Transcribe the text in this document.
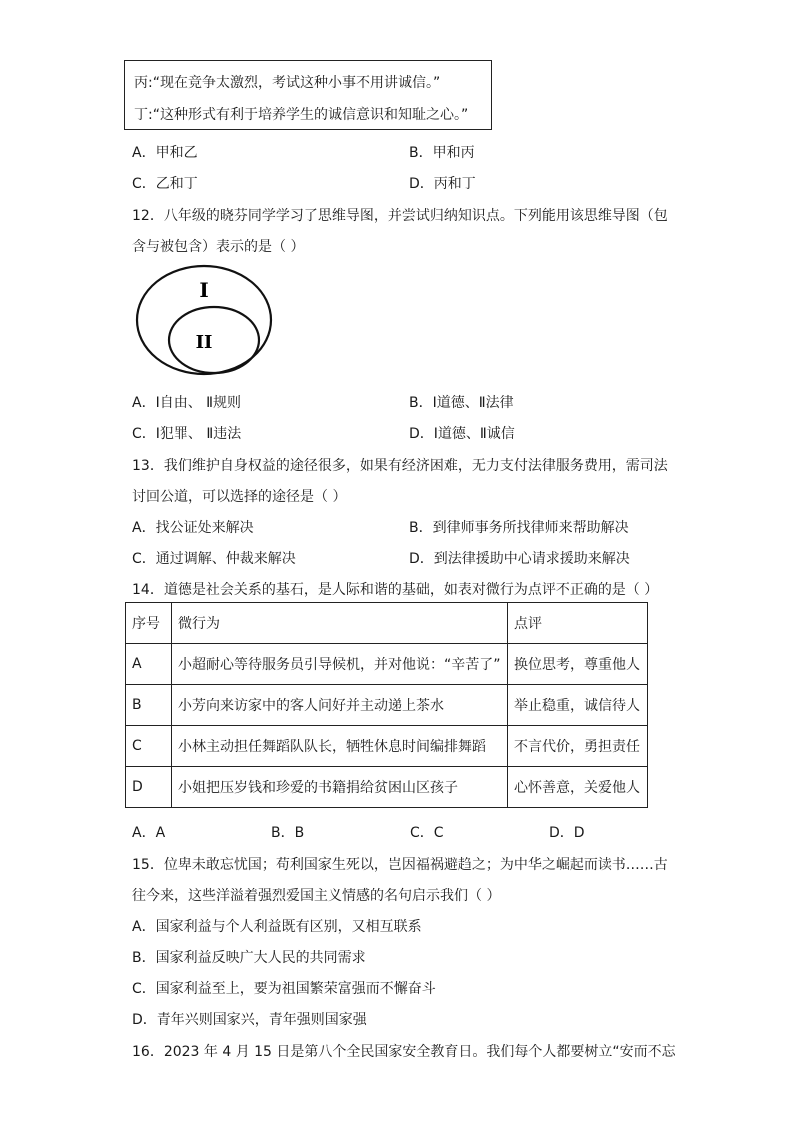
丙:“现在竞争太激烈，考试这种小事不用讲诚信。”
丁:“这种形式有利于培养学生的诚信意识和知耻之心。”
A．甲和乙	B．甲和丙
C．乙和丁	D．丙和丁
12．八年级的晓芬同学学习了思维导图，并尝试归纳知识点。下列能用该思维导图（包
含与被包含）表示的是（ ）
I
II
A．Ⅰ自由、 Ⅱ规则	B．Ⅰ道德、Ⅱ法律
C．Ⅰ犯罪、 Ⅱ违法	D．Ⅰ道德、Ⅱ诚信
13．我们维护自身权益的途径很多，如果有经济困难，无力支付法律服务费用，需司法
讨回公道，可以选择的途径是（ ）
A．找公证处来解决	B．到律师事务所找律师来帮助解决
C．通过调解、仲裁来解决	D．到法律援助中心请求援助来解决
14．道德是社会关系的基石，是人际和谐的基础，如表对微行为点评不正确的是（ ）
序号	微行为	点评
A	小超耐心等待服务员引导候机，并对他说：“辛苦了”	换位思考，尊重他人
B	小芳向来访家中的客人问好并主动递上茶水	举止稳重，诚信待人
C	小林主动担任舞蹈队队长，牺牲休息时间编排舞蹈	不言代价，勇担责任
D	小姐把压岁钱和珍爱的书籍捐给贫困山区孩子	心怀善意，关爱他人
A．A	B．B	C．C	D．D
15．位卑未敢忘忧国；苟利国家生死以，岂因福祸避趋之；为中华之崛起而读书……古
往今来，这些洋溢着强烈爱国主义情感的名句启示我们（ ）
A．国家利益与个人利益既有区别，又相互联系
B．国家利益反映广大人民的共同需求
C．国家利益至上，要为祖国繁荣富强而不懈奋斗
D．青年兴则国家兴，青年强则国家强
16．2023 年 4 月 15 日是第八个全民国家安全教育日。我们每个人都要树立“安而不忘
